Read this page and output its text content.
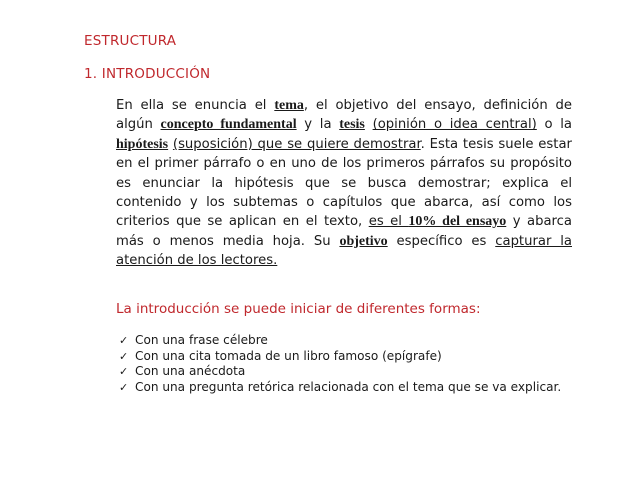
ESTRUCTURA
1. INTRODUCCIÓN
En ella se enuncia el tema, el objetivo del ensayo, definición de algún concepto fundamental y la tesis (opinión o idea central) o la hipótesis (suposición) que se quiere demostrar. Esta tesis suele estar en el primer párrafo o en uno de los primeros párrafos su propósito es enunciar la hipótesis que se busca demostrar; explica el contenido y los subtemas o capítulos que abarca, así como los criterios que se aplican en el texto, es el 10% del ensayo y abarca más o menos media hoja. Su objetivo específico es capturar la atención de los lectores.
La introducción se puede iniciar de diferentes formas:
✓ Con una frase célebre
✓ Con una cita tomada de un libro famoso (epígrafe)
✓ Con una anécdota
✓ Con una pregunta retórica relacionada con el tema que se va explicar.
